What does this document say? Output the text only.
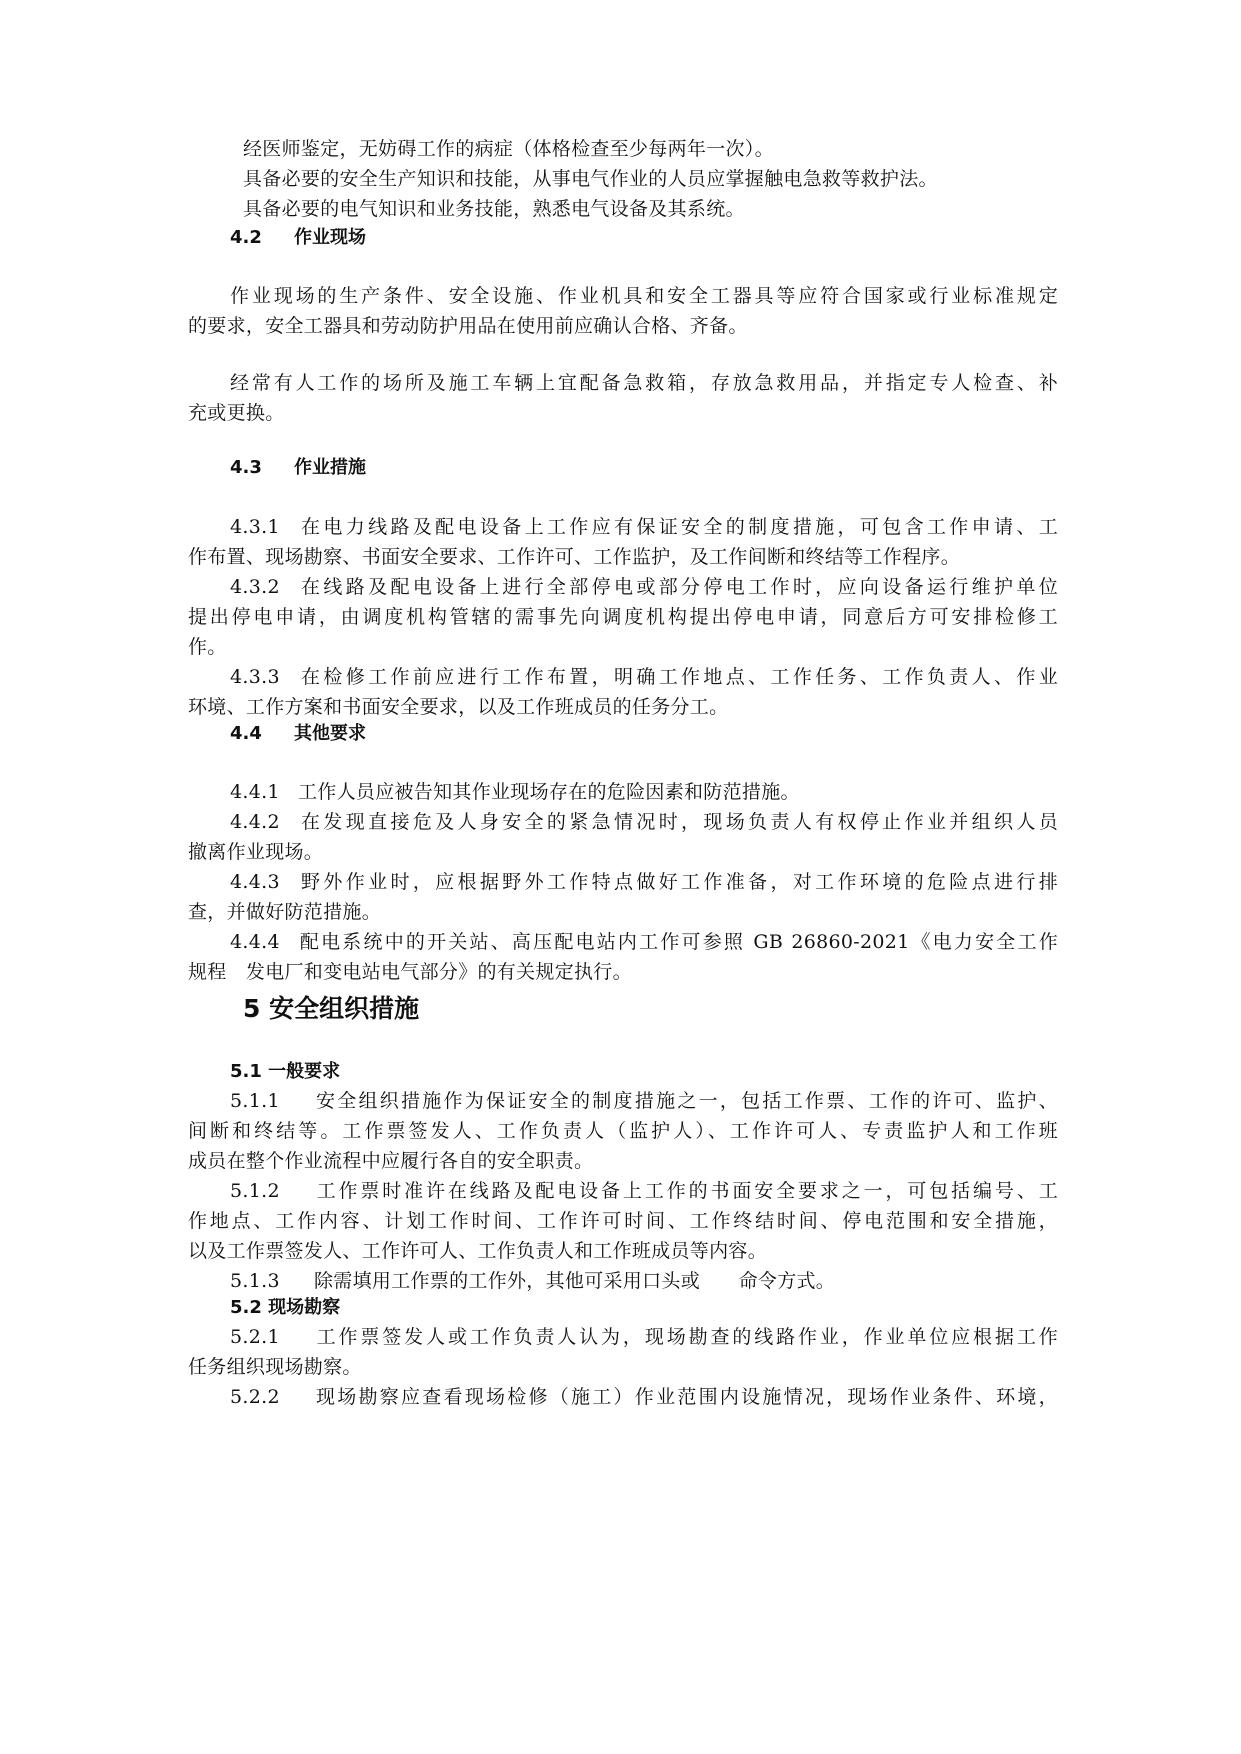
经医师鉴定，无妨碍工作的病症（体格检查至少每两年一次）。
具备必要的安全生产知识和技能，从事电气作业的人员应掌握触电急救等救护法。
具备必要的电气知识和业务技能，熟悉电气设备及其系统。
4.2 作业现场
作业现场的生产条件、安全设施、作业机具和安全工器具等应符合国家或行业标准规定
的要求，安全工器具和劳动防护用品在使用前应确认合格、齐备。
经常有人工作的场所及施工车辆上宜配备急救箱，存放急救用品，并指定专人检查、补
充或更换。
4.3 作业措施
4.3.1 在电力线路及配电设备上工作应有保证安全的制度措施，可包含工作申请、工
作布置、现场勘察、书面安全要求、工作许可、工作监护，及工作间断和终结等工作程序。
4.3.2 在线路及配电设备上进行全部停电或部分停电工作时，应向设备运行维护单位
提出停电申请，由调度机构管辖的需事先向调度机构提出停电申请，同意后方可安排检修工
作。
4.3.3 在检修工作前应进行工作布置，明确工作地点、工作任务、工作负责人、作业
环境、工作方案和书面安全要求，以及工作班成员的任务分工。
4.4 其他要求
4.4.1 工作人员应被告知其作业现场存在的危险因素和防范措施。
4.4.2 在发现直接危及人身安全的紧急情况时，现场负责人有权停止作业并组织人员
撤离作业现场。
4.4.3 野外作业时，应根据野外工作特点做好工作准备，对工作环境的危险点进行排
查，并做好防范措施。
4.4.4 配电系统中的开关站、高压配电站内工作可参照 GB 26860-2021《电力安全工作
规程　发电厂和变电站电气部分》的有关规定执行。
5 安全组织措施
5.1 一般要求
5.1.1 安全组织措施作为保证安全的制度措施之一，包括工作票、工作的许可、监护、
间断和终结等。工作票签发人、工作负责人（监护人）、工作许可人、专责监护人和工作班
成员在整个作业流程中应履行各自的安全职责。
5.1.2 工作票时准许在线路及配电设备上工作的书面安全要求之一，可包括编号、工
作地点、工作内容、计划工作时间、工作许可时间、工作终结时间、停电范围和安全措施，
以及工作票签发人、工作许可人、工作负责人和工作班成员等内容。
5.1.3 除需填用工作票的工作外，其他可采用口头或　　命令方式。
5.2 现场勘察
5.2.1 工作票签发人或工作负责人认为，现场勘查的线路作业，作业单位应根据工作
任务组织现场勘察。
5.2.2 现场勘察应查看现场检修（施工）作业范围内设施情况，现场作业条件、环境，
